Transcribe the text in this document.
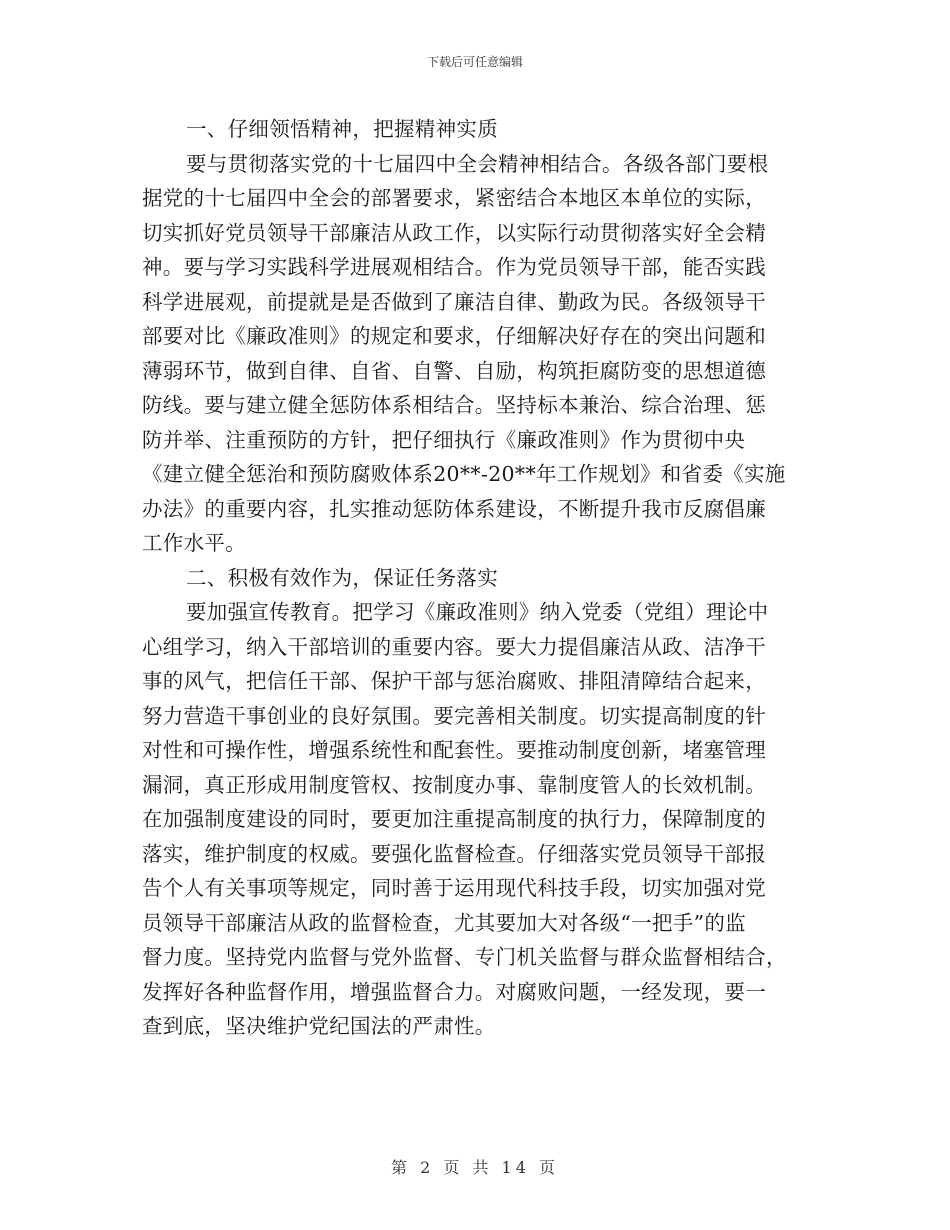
下载后可任意编辑
一、仔细领悟精神，把握精神实质
要与贯彻落实党的十七届四中全会精神相结合。各级各部门要根
据党的十七届四中全会的部署要求，紧密结合本地区本单位的实际，
切实抓好党员领导干部廉洁从政工作，以实际行动贯彻落实好全会精
神。要与学习实践科学进展观相结合。作为党员领导干部，能否实践
科学进展观，前提就是是否做到了廉洁自律、勤政为民。各级领导干
部要对比《廉政准则》的规定和要求，仔细解决好存在的突出问题和
薄弱环节，做到自律、自省、自警、自励，构筑拒腐防变的思想道德
防线。要与建立健全惩防体系相结合。坚持标本兼治、综合治理、惩
防并举、注重预防的方针，把仔细执行《廉政准则》作为贯彻中央
《建立健全惩治和预防腐败体系20**-20**年工作规划》和省委《实施
办法》的重要内容，扎实推动惩防体系建设，不断提升我市反腐倡廉
工作水平。
二、积极有效作为，保证任务落实
要加强宣传教育。把学习《廉政准则》纳入党委（党组）理论中
心组学习，纳入干部培训的重要内容。要大力提倡廉洁从政、洁净干
事的风气，把信任干部、保护干部与惩治腐败、排阻清障结合起来，
努力营造干事创业的良好氛围。要完善相关制度。切实提高制度的针
对性和可操作性，增强系统性和配套性。要推动制度创新，堵塞管理
漏洞，真正形成用制度管权、按制度办事、靠制度管人的长效机制。
在加强制度建设的同时，要更加注重提高制度的执行力，保障制度的
落实，维护制度的权威。要强化监督检查。仔细落实党员领导干部报
告个人有关事项等规定，同时善于运用现代科技手段，切实加强对党
员领导干部廉洁从政的监督检查，尤其要加大对各级“一把手”的监
督力度。坚持党内监督与党外监督、专门机关监督与群众监督相结合，
发挥好各种监督作用，增强监督合力。对腐败问题，一经发现，要一
查到底，坚决维护党纪国法的严肃性。
第 2 页 共 14 页
